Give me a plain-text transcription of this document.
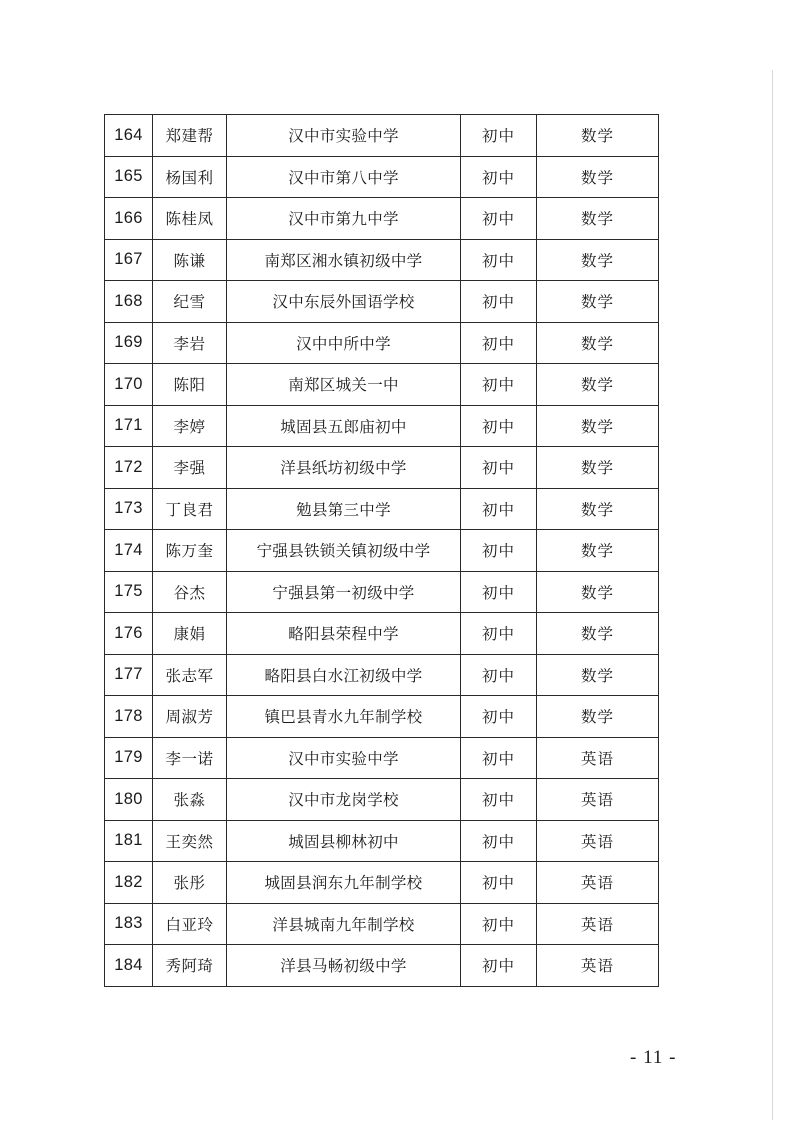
164	郑建帮	汉中市实验中学	初中	数学
165	杨国利	汉中市第八中学	初中	数学
166	陈桂凤	汉中市第九中学	初中	数学
167	陈谦	南郑区湘水镇初级中学	初中	数学
168	纪雪	汉中东辰外国语学校	初中	数学
169	李岩	汉中中所中学	初中	数学
170	陈阳	南郑区城关一中	初中	数学
171	李婷	城固县五郎庙初中	初中	数学
172	李强	洋县纸坊初级中学	初中	数学
173	丁良君	勉县第三中学	初中	数学
174	陈万奎	宁强县铁锁关镇初级中学	初中	数学
175	谷杰	宁强县第一初级中学	初中	数学
176	康娟	略阳县荣程中学	初中	数学
177	张志军	略阳县白水江初级中学	初中	数学
178	周淑芳	镇巴县青水九年制学校	初中	数学
179	李一诺	汉中市实验中学	初中	英语
180	张淼	汉中市龙岗学校	初中	英语
181	王奕然	城固县柳林初中	初中	英语
182	张彤	城固县润东九年制学校	初中	英语
183	白亚玲	洋县城南九年制学校	初中	英语
184	秀阿琦	洋县马畅初级中学	初中	英语
- 11 -
